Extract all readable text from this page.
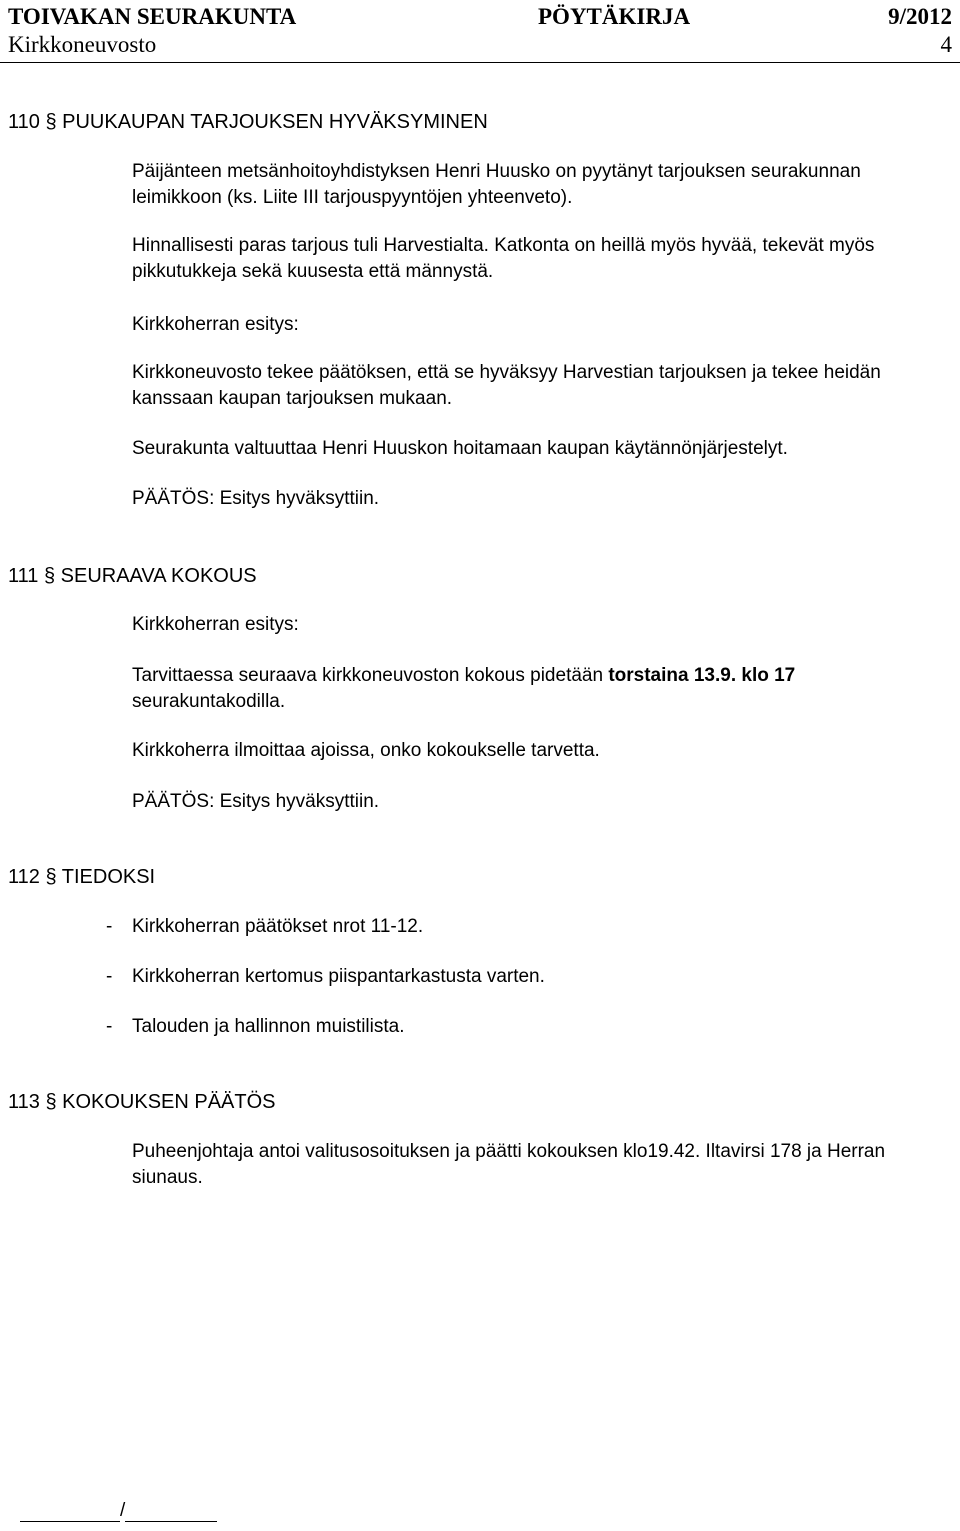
TOIVAKAN SEURAKUNTA	PÖYTÄKIRJA	9/2012
Kirkkoneuvosto	4
110 § PUUKAUPAN TARJOUKSEN HYVÄKSYMINEN
Päijänteen metsänhoitoyhdistyksen Henri Huusko on pyytänyt tarjouksen seurakunnan leimikkoon (ks. Liite III tarjouspyyntöjen yhteenveto).
Hinnallisesti paras tarjous tuli Harvestialta. Katkonta on heillä myös hyvää, tekevät myös pikkutukkeja sekä kuusesta että männystä.
Kirkkoherran esitys:
Kirkkoneuvosto tekee päätöksen, että se hyväksyy Harvestian tarjouksen ja tekee heidän kanssaan kaupan tarjouksen mukaan.
Seurakunta valtuuttaa Henri Huuskon hoitamaan kaupan käytännönjärjestelyt.
PÄÄTÖS: Esitys hyväksyttiin.
111 § SEURAAVA KOKOUS
Kirkkoherran esitys:
Tarvittaessa seuraava kirkkoneuvoston kokous pidetään torstaina 13.9. klo 17 seurakuntakodilla.
Kirkkoherra ilmoittaa ajoissa, onko kokoukselle tarvetta.
PÄÄTÖS: Esitys hyväksyttiin.
112 § TIEDOKSI
- Kirkkoherran päätökset nrot 11-12.
- Kirkkoherran kertomus piispantarkastusta varten.
- Talouden ja hallinnon muistilista.
113 § KOKOUKSEN PÄÄTÖS
Puheenjohtaja antoi valitusosoituksen ja päätti kokouksen klo19.42. Iltavirsi 178 ja Herran siunaus.
/
